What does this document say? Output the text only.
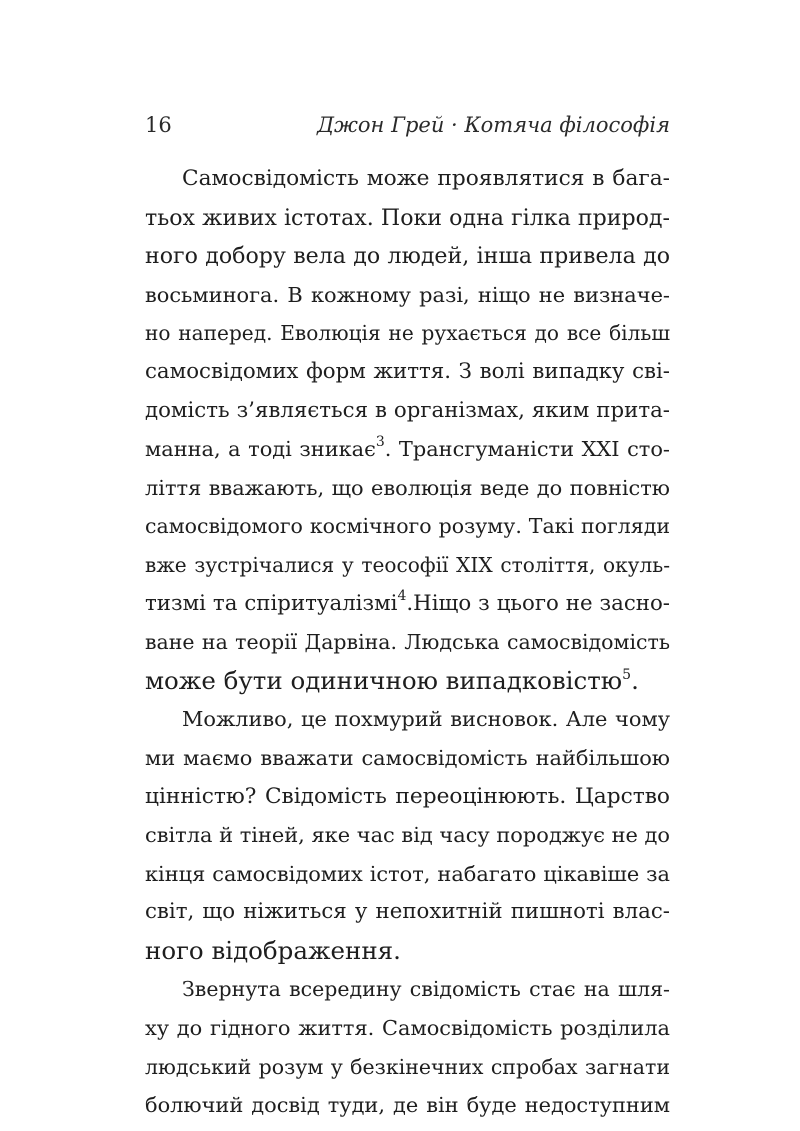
16	Джон Грей · Котяча філософія
Самосвідомість може проявлятися в бага-
тьох живих істотах. Поки одна гілка природ-
ного добору вела до людей, інша привела до
восьминога. В кожному разі, ніщо не визначе-
но наперед. Еволюція не рухається до все більш
самосвідомих форм життя. З волі випадку сві-
домість з’являється в організмах, яким прита-
манна, а тоді зникає$^3$. Трансгуманісти XXI сто-
ліття вважають, що еволюція веде до повністю
самосвідомого космічного розуму. Такі погляди
вже зустрічалися у теософії XIX століття, окуль-
тизмі та спіритуалізмі$^4$.Ніщо з цього не засно-
ване на теорії Дарвіна. Людська самосвідомість
може бути одиничною випадковістю$^5$.
Можливо, це похмурий висновок. Але чому
ми маємо вважати самосвідомість найбільшою
цінністю? Свідомість переоцінюють. Царство
світла й тіней, яке час від часу породжує не до
кінця самосвідомих істот, набагато цікавіше за
світ, що ніжиться у непохитній пишноті влас-
ного відображення.
Звернута всередину свідомість стає на шля-
ху до гідного життя. Самосвідомість розділила
людський розум у безкінечних спробах загнати
болючий досвід туди, де він буде недоступним
